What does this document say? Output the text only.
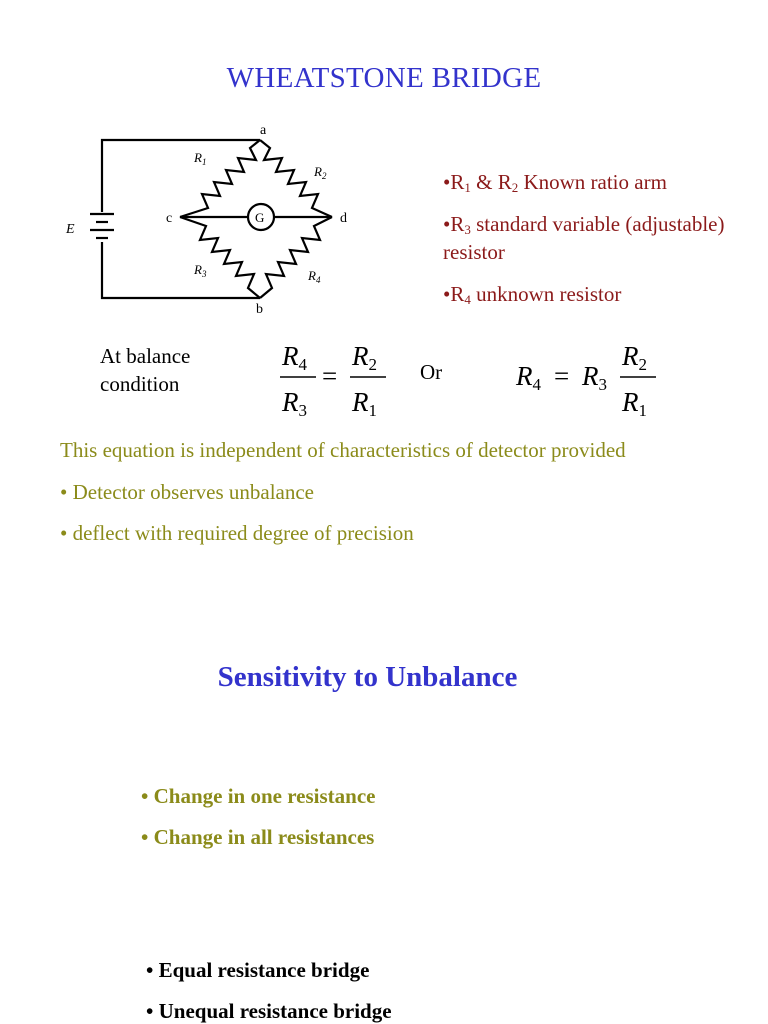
WHEATSTONE BRIDGE
a
b
c	d
E
G
$R_1$
$R_2$
$R_3$	$R_4$

$•R_1$ & $R_2$ Known ratio arm

$•R_3$ standard variable (adjustable) resistor

$•R_4$ unknown resistor

At balance
condition
R4
R3
=
R2
R1
Or	R4 = R3
R2
R1
This equation is independent of characteristics of detector provided
• Detector observes unbalance
• deflect with required degree of precision
Sensitivity to Unbalance
• Change in one resistance
• Change in all resistances
• Equal resistance bridge
• Unequal resistance bridge
